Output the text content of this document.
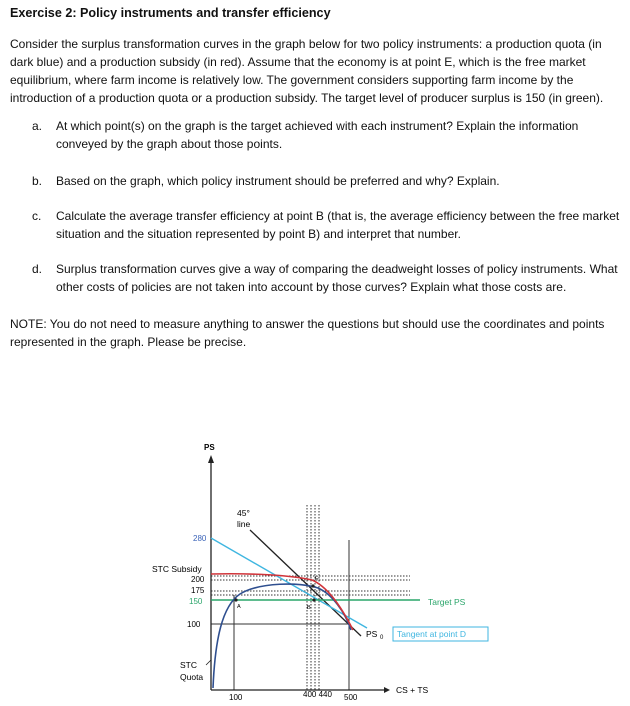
Exercise 2: Policy instruments and transfer efficiency

Consider the surplus transformation curves in the graph below for two policy instruments: a production quota (in dark blue) and a production subsidy (in red). Assume that the economy is at point E, which is the free market equilibrium, where farm income is relatively low. The government considers supporting farm income by the introduction of a production quota or a production subsidy. The target level of producer surplus is 150 (in green).

a. At which point(s) on the graph is the target achieved with each instrument? Explain the information conveyed by the graph about those points.
b. Based on the graph, which policy instrument should be preferred and why? Explain.
c. Calculate the average transfer efficiency at point B (that is, the average efficiency between the free market situation and the situation represented by point B) and interpret that number.
d. Surplus transformation curves give a way of comparing the deadweight losses of policy instruments. What other costs of policies are not taken into account by those curves? Explain what those costs are.

NOTE: You do not need to measure anything to answer the questions but should use the coordinates and points represented in the graph. Please be precise.

PS
45°
line
280
STC Subsidy
200
175
150
100
STC
Quota
100	400 440 500
CS + TS
A	B
E
Target PS
PS 0 Tangent at point D
